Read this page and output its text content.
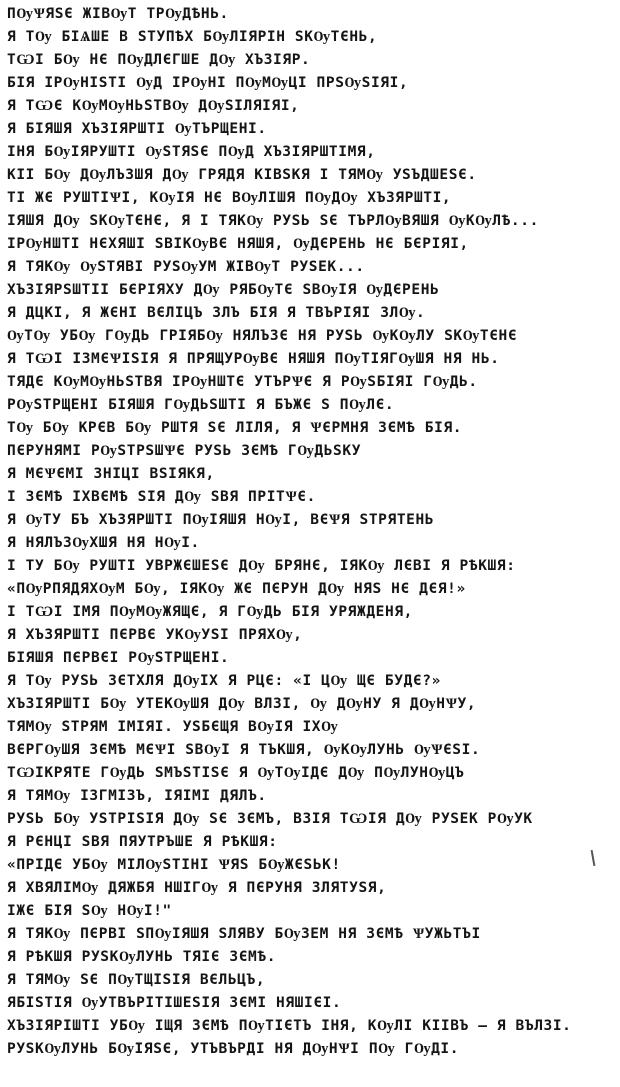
ПѸѰЯЅЄ ЖІВѸТ ТРѸДѢНЬ.
Я ТѸ БІѦШЕ В ЅТУПѢХ БѸЛІЯРІН ЅКѸТЄНЬ,
ТѠІ БѸ НЄ ПѸДЛЄГШЕ ДѸ ХЪЗІЯР.
БІЯ ІРѸНІЅТІ ѸД ІРѸНІ ПѸМѸЦІ ПРЅѸЅІЯІ,
Я ТѠЄ КѸМѸНЬЅТВѸ ДѸЅІЛЯІЯІ,
Я БІЯШЯ ХЪЗІЯРШТІ ѸТЪРЩЕНІ.
ІНЯ БѸІЯРУШТІ ѸЅТЯЅЄ ПѸД ХЪЗІЯРШТІМЯ,
КІІ БѸ ДѸЛЪЗШЯ ДѸ ГРЯДЯ КІВЅКЯ І ТЯМѸ УЅЪДШЕЅЄ.
ТІ ЖЄ РУШТІѰІ, КѸІЯ НЄ ВѸЛІШЯ ПѸДѸ ХЪЗЯРШТІ,
ІЯШЯ ДѸ ЅКѸТЄНЄ, Я І ТЯКѸ РУЅЬ ЅЄ ТЪРЛѸВЯШЯ ѸКѸЛѢ...
ІРѸНШТІ НЄХЯШІ ЅВІКѸВЄ НЯШЯ, ѸДЄРЕНЬ НЄ БЄРІЯІ,
Я ТЯКѸ ѸЅТЯВІ РУЅѸУМ ЖІВѸТ РУЅЕК...
ХЪЗІЯРЅШТІІ БЄРІЯХУ ДѸ РЯБѸТЄ ЅВѸІЯ ѸДЄРЕНЬ
Я ДЦКІ, Я ЖЄНІ ВЄЛІЦЪ ЗЛЪ БІЯ Я ТВЪРІЯІ ЗЛѸ.
ѸТѸ УБѸ ГѸДЬ ГРІЯБѸ НЯЛЪЗЄ НЯ РУЅЬ ѸКѸЛУ ЅКѸТЄНЄ
Я ТѠІ ІЗМЄѰІЅІЯ Я ПРЯЩУРѸВЄ НЯШЯ ПѸТІЯГѸШЯ НЯ НЬ.
ТЯДЄ КѸМѸНЬЅТВЯ ІРѸНШТЄ УТЪРѰЄ Я РѸЅБІЯІ ГѸДЬ.
РѸЅТРЩЕНІ БІЯШЯ ГѸДЬЅШТІ Я БЪЖЄ Ѕ ПѸЛЄ.
ТѸ БѸ КРЄВ БѸ РШТЯ ЅЄ ЛІЛЯ, Я ѰЄРМНЯ ЗЄМѢ БІЯ.
ПЄРУНЯМІ РѸЅТРЅШѰЄ РУЅЬ ЗЄМѢ ГѸДЬЅКУ
Я МЄѰЄМІ ЗНІЦІ ВЅІЯКЯ,
І ЗЄМѢ ІХВЄМѢ ЅІЯ ДѸ ЅВЯ ПРІТѰЄ.
Я ѸТУ БЪ ХЪЗЯРШТІ ПѸІЯШЯ НѸІ, ВЄѰЯ ЅТРЯТЕНЬ
Я НЯЛЪЗѸХШЯ НЯ НѸІ.
І ТУ БѸ РУШТІ УВРЖЄШЕЅЄ ДѸ БРЯНЄ, ІЯКѸ ЛЄВІ Я РѢКШЯ:
«ПѸРПЯДЯХѸМ БѸ, ІЯКѸ ЖЄ ПЄРУН ДѸ НЯЅ НЄ ДЄЯ!»
І ТѠІ ІМЯ ПѸМѸЖЯЩЄ, Я ГѸДЬ БІЯ УРЯЖДЕНЯ,
Я ХЪЗЯРШТІ ПЄРВЄ УКѸУЅІ ПРЯХѸ,
БІЯШЯ ПЄРВЄІ РѸЅТРЩЕНІ.
Я ТѸ РУЅЬ ЗЄТХЛЯ ДѸІХ Я РЦЄ: «І ЦѸ ЩЄ БУДЄ?»
ХЪЗІЯРШТІ БѸ УТЕКѸШЯ ДѸ ВЛЗІ, Ѹ ДѸНУ Я ДѸНѰУ,
ТЯМѸ ЅТРЯМ ІМІЯІ. УЅБЄЩЯ ВѸІЯ ІХѸ
ВЄРГѸШЯ ЗЄМѢ МЄѰІ ЅВѸІ Я ТЪКШЯ, ѸКѸЛУНЬ ѸѰЄЅІ.
ТѠІКРЯТЕ ГѸДЬ ЅМЪЅТІЅЄ Я ѸТѸІДЄ ДѸ ПѸЛУНѸЦЪ
Я ТЯМѸ ІЗГМІЗЪ, ІЯІМІ ДЯЛЪ.
РУЅЬ БѸ УЅТРІЅІЯ ДѸ ЅЄ ЗЄМЪ, ВЗІЯ ТѠІЯ ДѸ РУЅЕК РѸУК
Я РЄНЦІ ЅВЯ ПЯУТРЪШЕ Я РѢКШЯ:
«ПРІДЄ УБѸ МІЛѸЅТІНІ ѰЯЅ БѸЖЄЅЬК!
Я ХВЯЛІМѸ ДЯЖБЯ НШІГѸ Я ПЄРУНЯ ЗЛЯТУЅЯ,
ІЖЄ БІЯ ЅѸ НѸІ!"
Я ТЯКѸ ПЄРВІ ЅПѸІЯШЯ ЅЛЯВУ БѸЗЕМ НЯ ЗЄМѢ ѰУЖЬТЪІ
Я РѢКШЯ РУЅКѸЛУНЬ ТЯІЄ ЗЄМѢ.
Я ТЯМѸ ЅЄ ПѸТЩІЅІЯ ВЄЛЬЦЪ,
ЯБІЅТІЯ ѸУТВЪРІТІШЕЅІЯ ЗЄМІ НЯШІЄІ.
ХЪЗІЯРІШТІ УБѸ ІЩЯ ЗЄМѢ ПѸТІЄТЪ ІНЯ, КѸЛІ КІІВЪ — Я ВЪЛЗІ.
РУЅКѸЛУНЬ БѸІЯЅЄ, УТЪВЪРДІ НЯ ДѸНѰІ ПѸ ГѸДІ.
